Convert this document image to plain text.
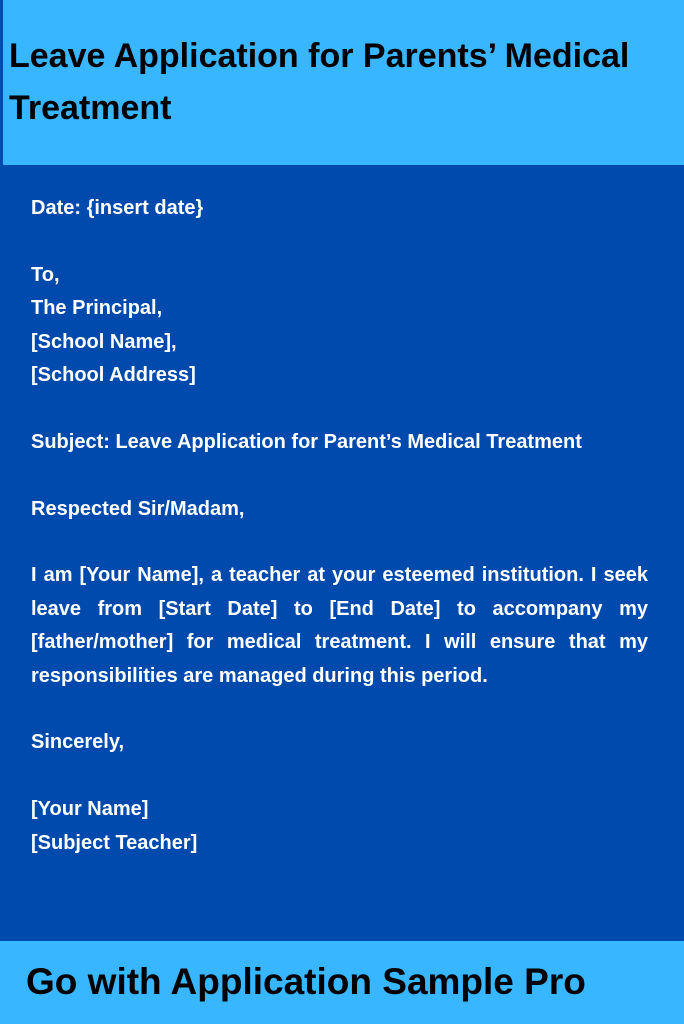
Leave Application for Parents’ Medical Treatment

Date: {insert date}

To,
The Principal,
[School Name],
[School Address]

Subject: Leave Application for Parent’s Medical Treatment

Respected Sir/Madam,

I am [Your Name], a teacher at your esteemed institution. I seek leave from [Start Date] to [End Date] to accompany my [father/mother] for medical treatment. I will ensure that my responsibilities are managed during this period.

Sincerely,

[Your Name]
[Subject Teacher]

Go with Application Sample Pro
